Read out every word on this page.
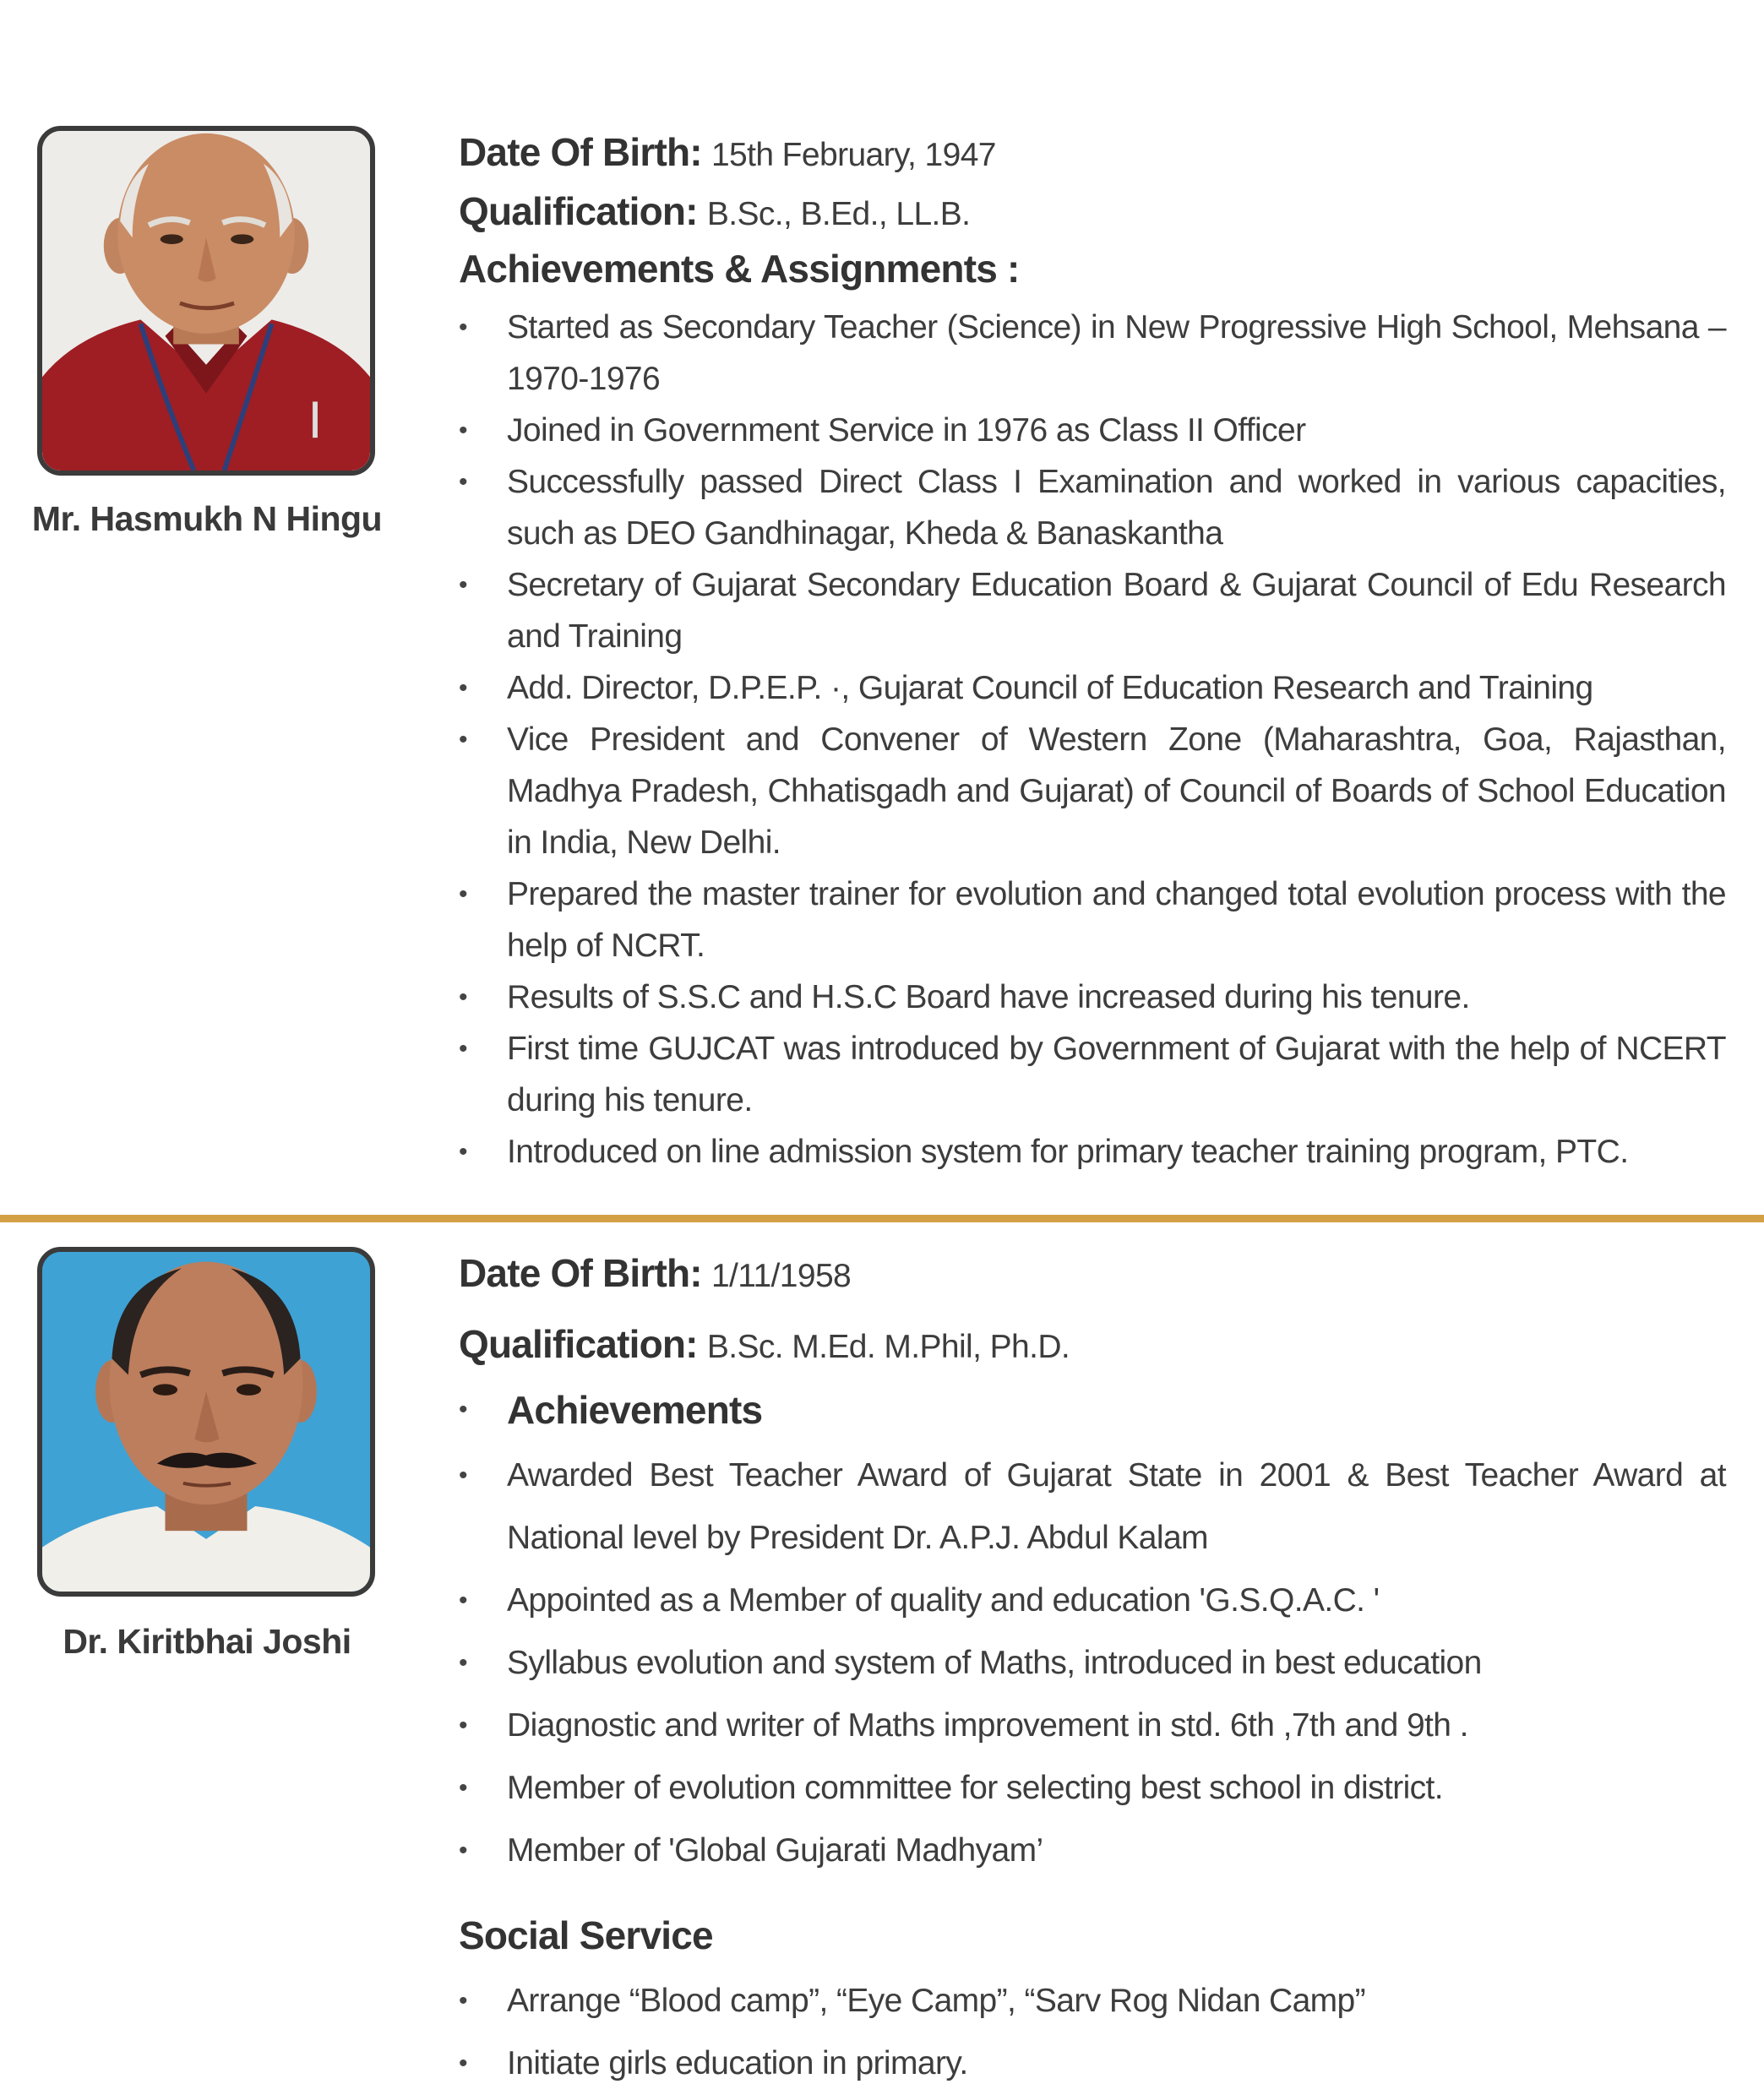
Mr. Hasmukh N Hingu
Date Of Birth: 15th February, 1947
Qualification: B.Sc., B.Ed., LL.B.
Achievements & Assignments :
• Started as Secondary Teacher (Science) in New Progressive High School, Mehsana – 1970-1976
• Joined in Government Service in 1976 as Class II Officer
• Successfully passed Direct Class I Examination and worked in various capacities, such as DEO Gandhinagar, Kheda & Banaskantha
• Secretary of Gujarat Secondary Education Board & Gujarat Council of Edu Research and Training
• Add. Director, D.P.E.P. ·, Gujarat Council of Education Research and Training
• Vice President and Convener of Western Zone (Maharashtra, Goa, Rajasthan, Madhya Pradesh, Chhatisgadh and Gujarat) of Council of Boards of School Education in India, New Delhi.
• Prepared the master trainer for evolution and changed total evolution process with the help of NCRT.
• Results of S.S.C and H.S.C Board have increased during his tenure.
• First time GUJCAT was introduced by Government of Gujarat with the help of NCERT during his tenure.
• Introduced on line admission system for primary teacher training program, PTC.
Dr. Kiritbhai Joshi
Date Of Birth: 1/11/1958
Qualification: B.Sc. M.Ed. M.Phil, Ph.D.
• Achievements
• Awarded Best Teacher Award of Gujarat State in 2001 & Best Teacher Award at National level by President Dr. A.P.J. Abdul Kalam
• Appointed as a Member of quality and education 'G.S.Q.A.C. '
• Syllabus evolution and system of Maths, introduced in best education
• Diagnostic and writer of Maths improvement in std. 6th ,7th and 9th .
• Member of evolution committee for selecting best school in district.
• Member of 'Global Gujarati Madhyam’
Social Service
• Arrange “Blood camp”, “Eye Camp”, “Sarv Rog Nidan Camp”
• Initiate girls education in primary.
